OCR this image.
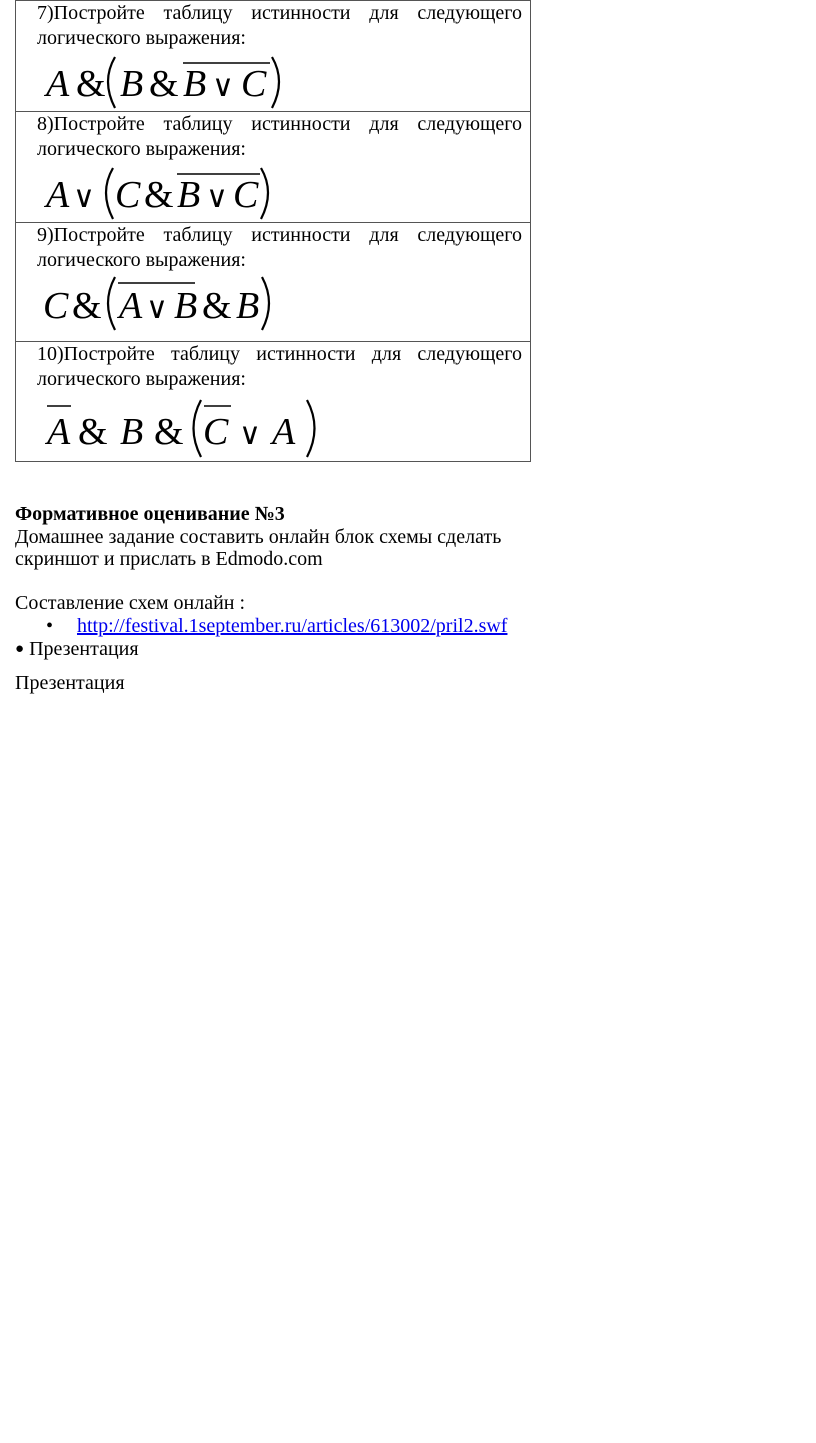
7)Постройте таблицу истинности для следующего
логического выражения:
A & B & B ∨ C

8)Постройте таблицу истинности для следующего
логического выражения:
A ∨ C & B ∨ C

9)Постройте таблицу истинности для следующего
логического выражения:
C & A ∨ B & B

10)Постройте таблицу истинности для следующего
логического выражения:
A & B & C ∨ A
Формативное оценивание №3
Домашнее задание составить онлайн блок схемы сделать
скриншот и прислать в Edmodo.com
Составление схем онлайн :
• http://festival.1september.ru/articles/613002/pril2.swf
● Презентация
Презентация
